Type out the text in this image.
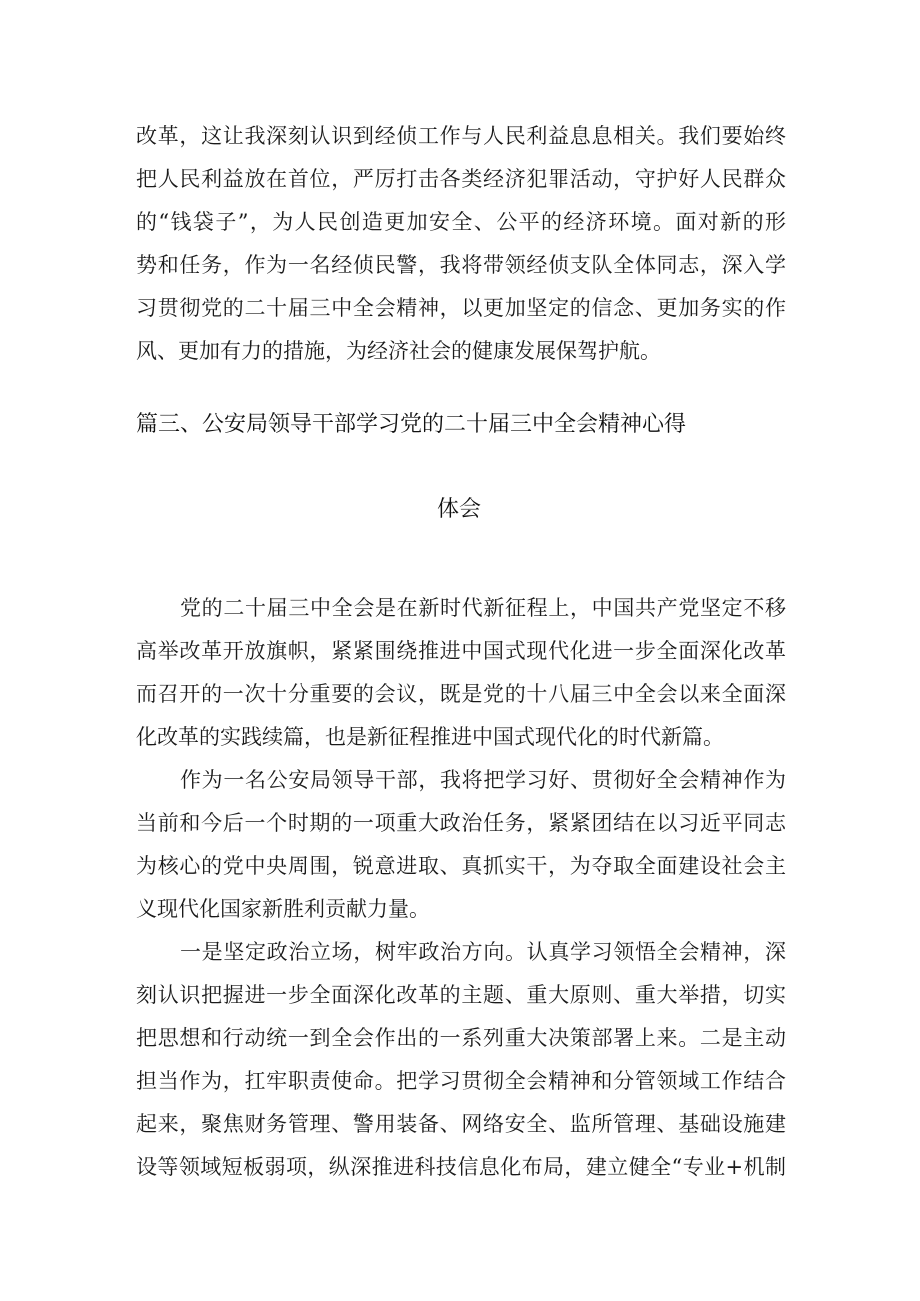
改革，这让我深刻认识到经侦工作与人民利益息息相关。我们要始终
把人民利益放在首位，严厉打击各类经济犯罪活动，守护好人民群众
的“钱袋子”，为人民创造更加安全、公平的经济环境。面对新的形
势和任务，作为一名经侦民警，我将带领经侦支队全体同志，深入学
习贯彻党的二十届三中全会精神，以更加坚定的信念、更加务实的作
风、更加有力的措施，为经济社会的健康发展保驾护航。
篇三、公安局领导干部学习党的二十届三中全会精神心得
体会
党的二十届三中全会是在新时代新征程上，中国共产党坚定不移
高举改革开放旗帜，紧紧围绕推进中国式现代化进一步全面深化改革
而召开的一次十分重要的会议，既是党的十八届三中全会以来全面深
化改革的实践续篇，也是新征程推进中国式现代化的时代新篇。
作为一名公安局领导干部，我将把学习好、贯彻好全会精神作为
当前和今后一个时期的一项重大政治任务，紧紧团结在以习近平同志
为核心的党中央周围，锐意进取、真抓实干，为夺取全面建设社会主
义现代化国家新胜利贡献力量。
一是坚定政治立场，树牢政治方向。认真学习领悟全会精神，深
刻认识把握进一步全面深化改革的主题、重大原则、重大举措，切实
把思想和行动统一到全会作出的一系列重大决策部署上来。二是主动
担当作为，扛牢职责使命。把学习贯彻全会精神和分管领域工作结合
起来，聚焦财务管理、警用装备、网络安全、监所管理、基础设施建
设等领域短板弱项，纵深推进科技信息化布局，建立健全“专业+机制
